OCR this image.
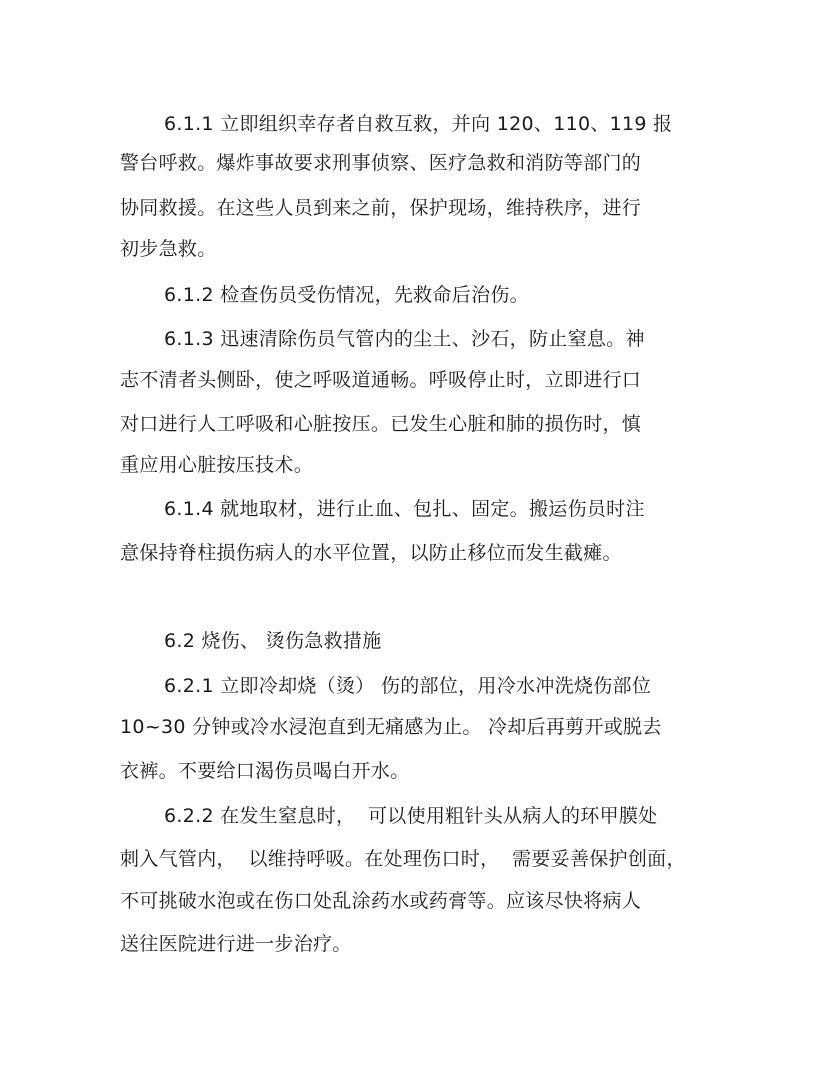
6.1.1 立即组织幸存者自救互救，并向 120、110、119 报
警台呼救。爆炸事故要求刑事侦察、医疗急救和消防等部门的
协同救援。在这些人员到来之前，保护现场，维持秩序，进行
初步急救。
6.1.2 检查伤员受伤情况，先救命后治伤。
6.1.3 迅速清除伤员气管内的尘土、沙石，防止窒息。神
志不清者头侧卧，使之呼吸道通畅。呼吸停止时，立即进行口
对口进行人工呼吸和心脏按压。已发生心脏和肺的损伤时，慎
重应用心脏按压技术。
6.1.4 就地取材，进行止血、包扎、固定。搬运伤员时注
意保持脊柱损伤病人的水平位置，以防止移位而发生截瘫。
6.2 烧伤、 烫伤急救措施
6.2.1 立即冷却烧（烫） 伤的部位，用冷水冲洗烧伤部位
10~30 分钟或冷水浸泡直到无痛感为止。 冷却后再剪开或脱去
衣裤。不要给口渴伤员喝白开水。
6.2.2 在发生窒息时，  可以使用粗针头从病人的环甲膜处
刺入气管内，  以维持呼吸。在处理伤口时，  需要妥善保护创面，
不可挑破水泡或在伤口处乱涂药水或药膏等。应该尽快将病人
送往医院进行进一步治疗。
